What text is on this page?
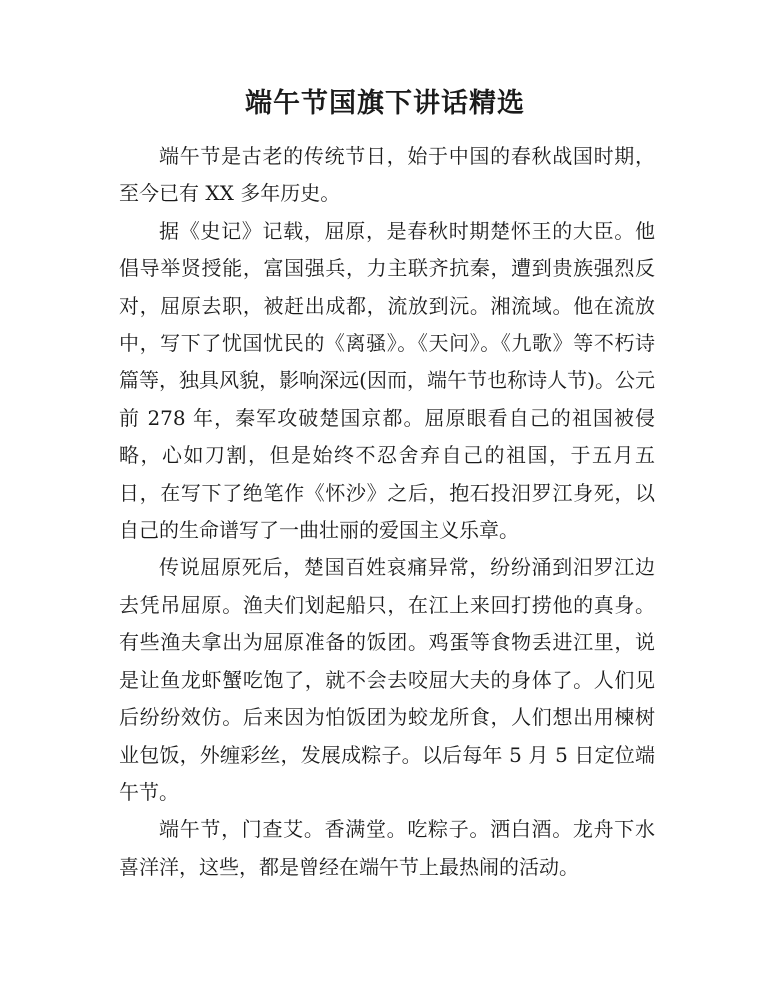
端午节国旗下讲话精选

端午节是古老的传统节日，始于中国的春秋战国时期，至今已有 XX 多年历史。

据《史记》记载，屈原，是春秋时期楚怀王的大臣。他倡导举贤授能，富国强兵，力主联齐抗秦，遭到贵族强烈反对，屈原去职，被赶出成都，流放到沅。湘流域。他在流放中，写下了忧国忧民的《离骚》。《天问》。《九歌》等不朽诗篇等，独具风貌，影响深远(因而，端午节也称诗人节)。公元前 278 年，秦军攻破楚国京都。屈原眼看自己的祖国被侵略，心如刀割，但是始终不忍舍弃自己的祖国，于五月五日，在写下了绝笔作《怀沙》之后，抱石投汨罗江身死，以自己的生命谱写了一曲壮丽的爱国主义乐章。

传说屈原死后，楚国百姓哀痛异常，纷纷涌到汨罗江边去凭吊屈原。渔夫们划起船只，在江上来回打捞他的真身。有些渔夫拿出为屈原准备的饭团。鸡蛋等食物丢进江里，说是让鱼龙虾蟹吃饱了，就不会去咬屈大夫的身体了。人们见后纷纷效仿。后来因为怕饭团为蛟龙所食，人们想出用楝树业包饭，外缠彩丝，发展成粽子。以后每年 5 月 5 日定位端午节。

端午节，门查艾。香满堂。吃粽子。洒白酒。龙舟下水喜洋洋，这些，都是曾经在端午节上最热闹的活动。
